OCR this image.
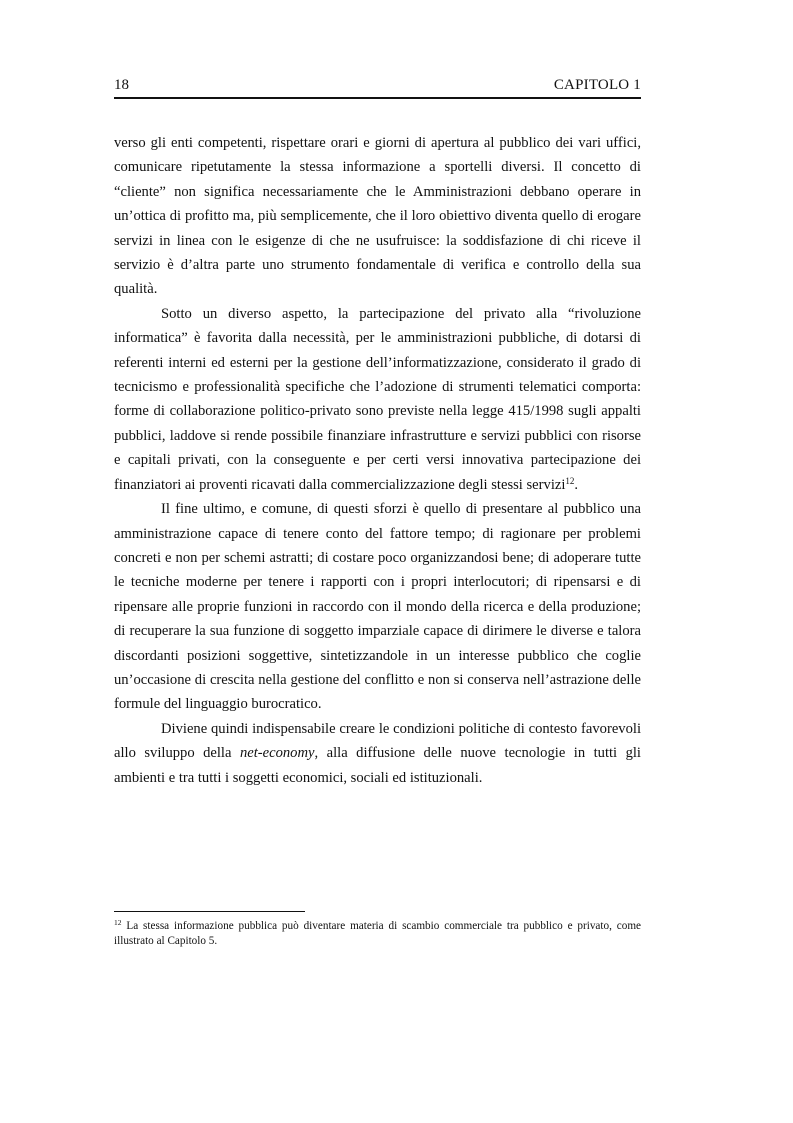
18	CAPITOLO 1

verso gli enti competenti, rispettare orari e giorni di apertura al pubblico dei vari uffici, comunicare ripetutamente la stessa informazione a sportelli diversi. Il concetto di “cliente” non significa necessariamente che le Amministrazioni debbano operare in un’ottica di profitto ma, più semplicemente, che il loro obiettivo diventa quello di erogare servizi in linea con le esigenze di che ne usufruisce: la soddisfazione di chi riceve il servizio è d’altra parte uno strumento fondamentale di verifica e controllo della sua qualità.

Sotto un diverso aspetto, la partecipazione del privato alla “rivoluzione informatica” è favorita dalla necessità, per le amministrazioni pubbliche, di dotarsi di referenti interni ed esterni per la gestione dell’informatizzazione, considerato il grado di tecnicismo e professionalità specifiche che l’adozione di strumenti telematici comporta: forme di collaborazione politico-privato sono previste nella legge 415/1998 sugli appalti pubblici, laddove si rende possibile finanziare infrastrutture e servizi pubblici con risorse e capitali privati, con la conseguente e per certi versi innovativa partecipazione dei finanziatori ai proventi ricavati dalla commercializzazione degli stessi servizi$^{12}$.

Il fine ultimo, e comune, di questi sforzi è quello di presentare al pubblico una amministrazione capace di tenere conto del fattore tempo; di ragionare per problemi concreti e non per schemi astratti; di costare poco organizzandosi bene; di adoperare tutte le tecniche moderne per tenere i rapporti con i propri interlocutori; di ripensarsi e di ripensare alle proprie funzioni in raccordo con il mondo della ricerca e della produzione; di recuperare la sua funzione di soggetto imparziale capace di dirimere le diverse e talora discordanti posizioni soggettive, sintetizzandole in un interesse pubblico che coglie un’occasione di crescita nella gestione del conflitto e non si conserva nell’astrazione delle formule del linguaggio burocratico.

Diviene quindi indispensabile creare le condizioni politiche di contesto favorevoli allo sviluppo della net-economy, alla diffusione delle nuove tecnologie in tutti gli ambienti e tra tutti i soggetti economici, sociali ed istituzionali.

$^{12}$ La stessa informazione pubblica può diventare materia di scambio commerciale tra pubblico e privato, come illustrato al Capitolo 5.
